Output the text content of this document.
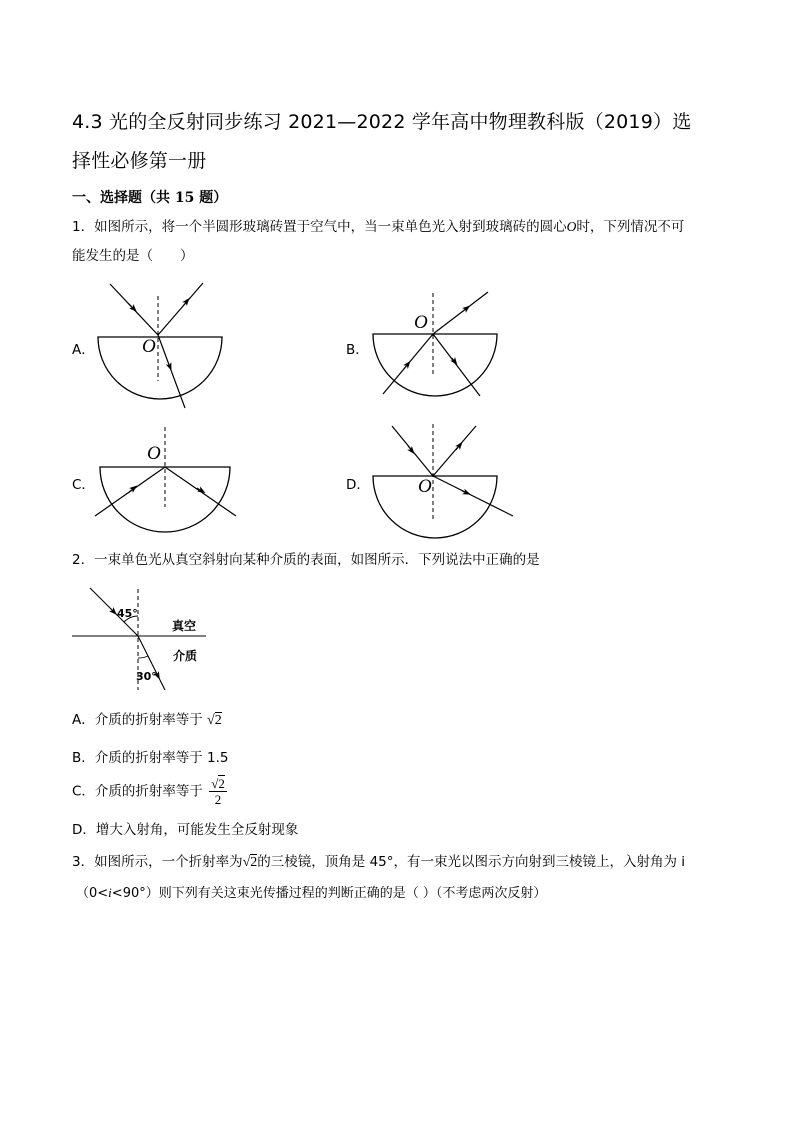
4.3 光的全反射同步练习 2021—2022 学年高中物理教科版（2019）选
择性必修第一册
一、选择题（共 15 题）
1．如图所示，将一个半圆形玻璃砖置于空气中，当一束单色光入射到玻璃砖的圆心O时，下列情况不可
能发生的是（　　）
A．	B．
C．	D．
O
O
O
O
2．一束单色光从真空斜射向某种介质的表面，如图所示．下列说法中正确的是
45°
30°
真空
介质
A．介质的折射率等于 √2
B．介质的折射率等于 1.5
C．介质的折射率等于 $\frac{√2}{2}$
D．增大入射角，可能发生全反射现象
3．如图所示，一个折射率为√2的三棱镜，顶角是 45°，有一束光以图示方向射到三棱镜上，入射角为 i
（0<i<90°）则下列有关这束光传播过程的判断正确的是（ ）（不考虑两次反射）
